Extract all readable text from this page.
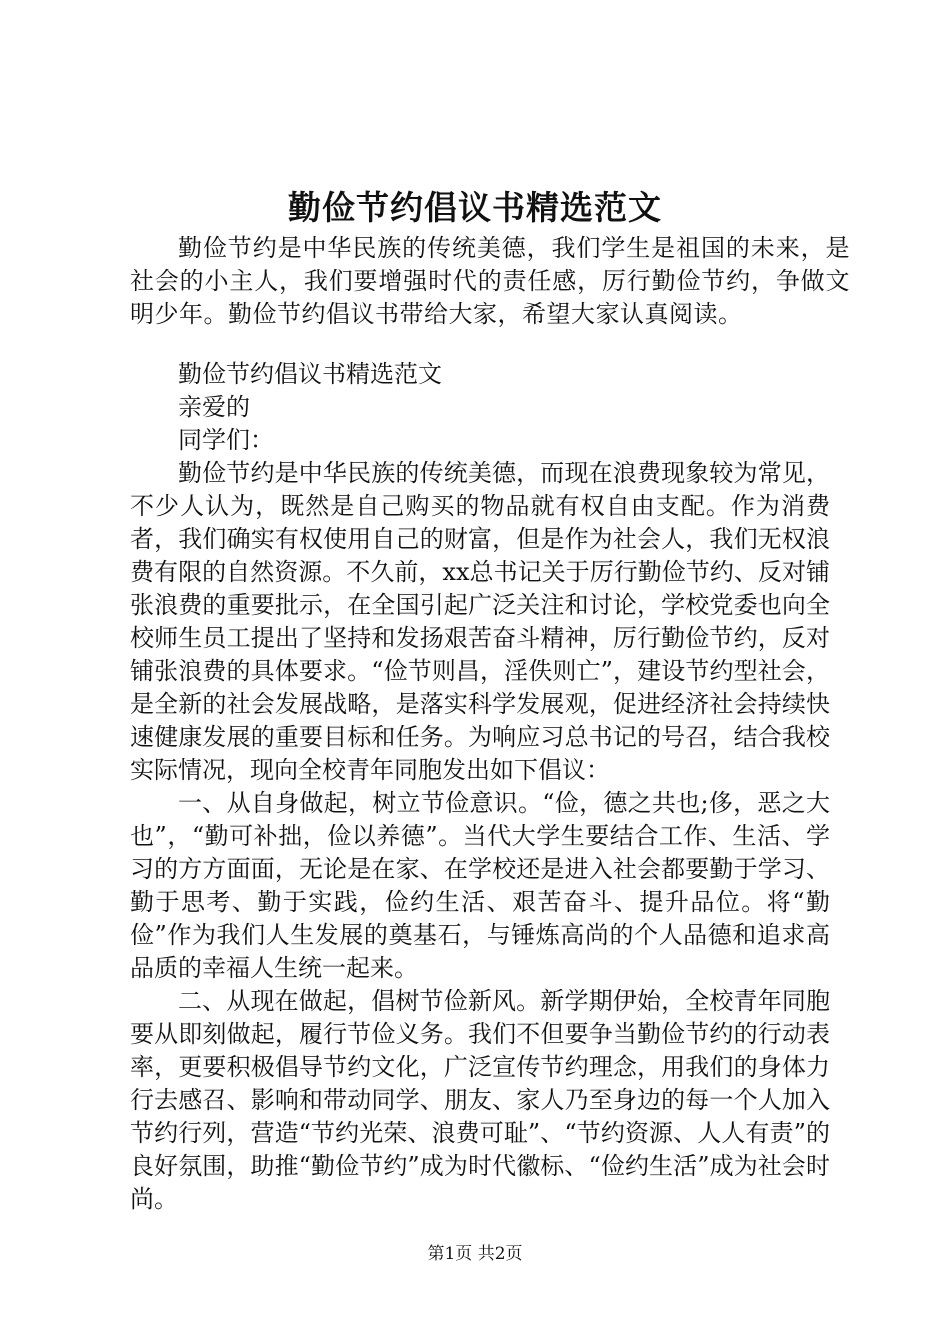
勤俭节约倡议书精选范文

勤俭节约是中华民族的传统美德，我们学生是祖国的未来，是社会的小主人，我们要增强时代的责任感，厉行勤俭节约，争做文明少年。勤俭节约倡议书带给大家，希望大家认真阅读。

勤俭节约倡议书精选范文

亲爱的

同学们：

勤俭节约是中华民族的传统美德，而现在浪费现象较为常见，不少人认为，既然是自己购买的物品就有权自由支配。作为消费者，我们确实有权使用自己的财富，但是作为社会人，我们无权浪费有限的自然资源。不久前，xx总书记关于厉行勤俭节约、反对铺张浪费的重要批示，在全国引起广泛关注和讨论，学校党委也向全校师生员工提出了坚持和发扬艰苦奋斗精神，厉行勤俭节约，反对铺张浪费的具体要求。“俭节则昌，淫佚则亡”，建设节约型社会，是全新的社会发展战略，是落实科学发展观，促进经济社会持续快速健康发展的重要目标和任务。为响应习总书记的号召，结合我校实际情况，现向全校青年同胞发出如下倡议：

一、从自身做起，树立节俭意识。“俭，德之共也;侈，恶之大也”，“勤可补拙，俭以养德”。当代大学生要结合工作、生活、学习的方方面面，无论是在家、在学校还是进入社会都要勤于学习、勤于思考、勤于实践，俭约生活、艰苦奋斗、提升品位。将“勤俭”作为我们人生发展的奠基石，与锤炼高尚的个人品德和追求高品质的幸福人生统一起来。

二、从现在做起，倡树节俭新风。新学期伊始，全校青年同胞要从即刻做起，履行节俭义务。我们不但要争当勤俭节约的行动表率，更要积极倡导节约文化，广泛宣传节约理念，用我们的身体力行去感召、影响和带动同学、朋友、家人乃至身边的每一个人加入节约行列，营造“节约光荣、浪费可耻”、“节约资源、人人有责”的良好氛围，助推“勤俭节约”成为时代徽标、“俭约生活”成为社会时尚。

第1页 共2页
